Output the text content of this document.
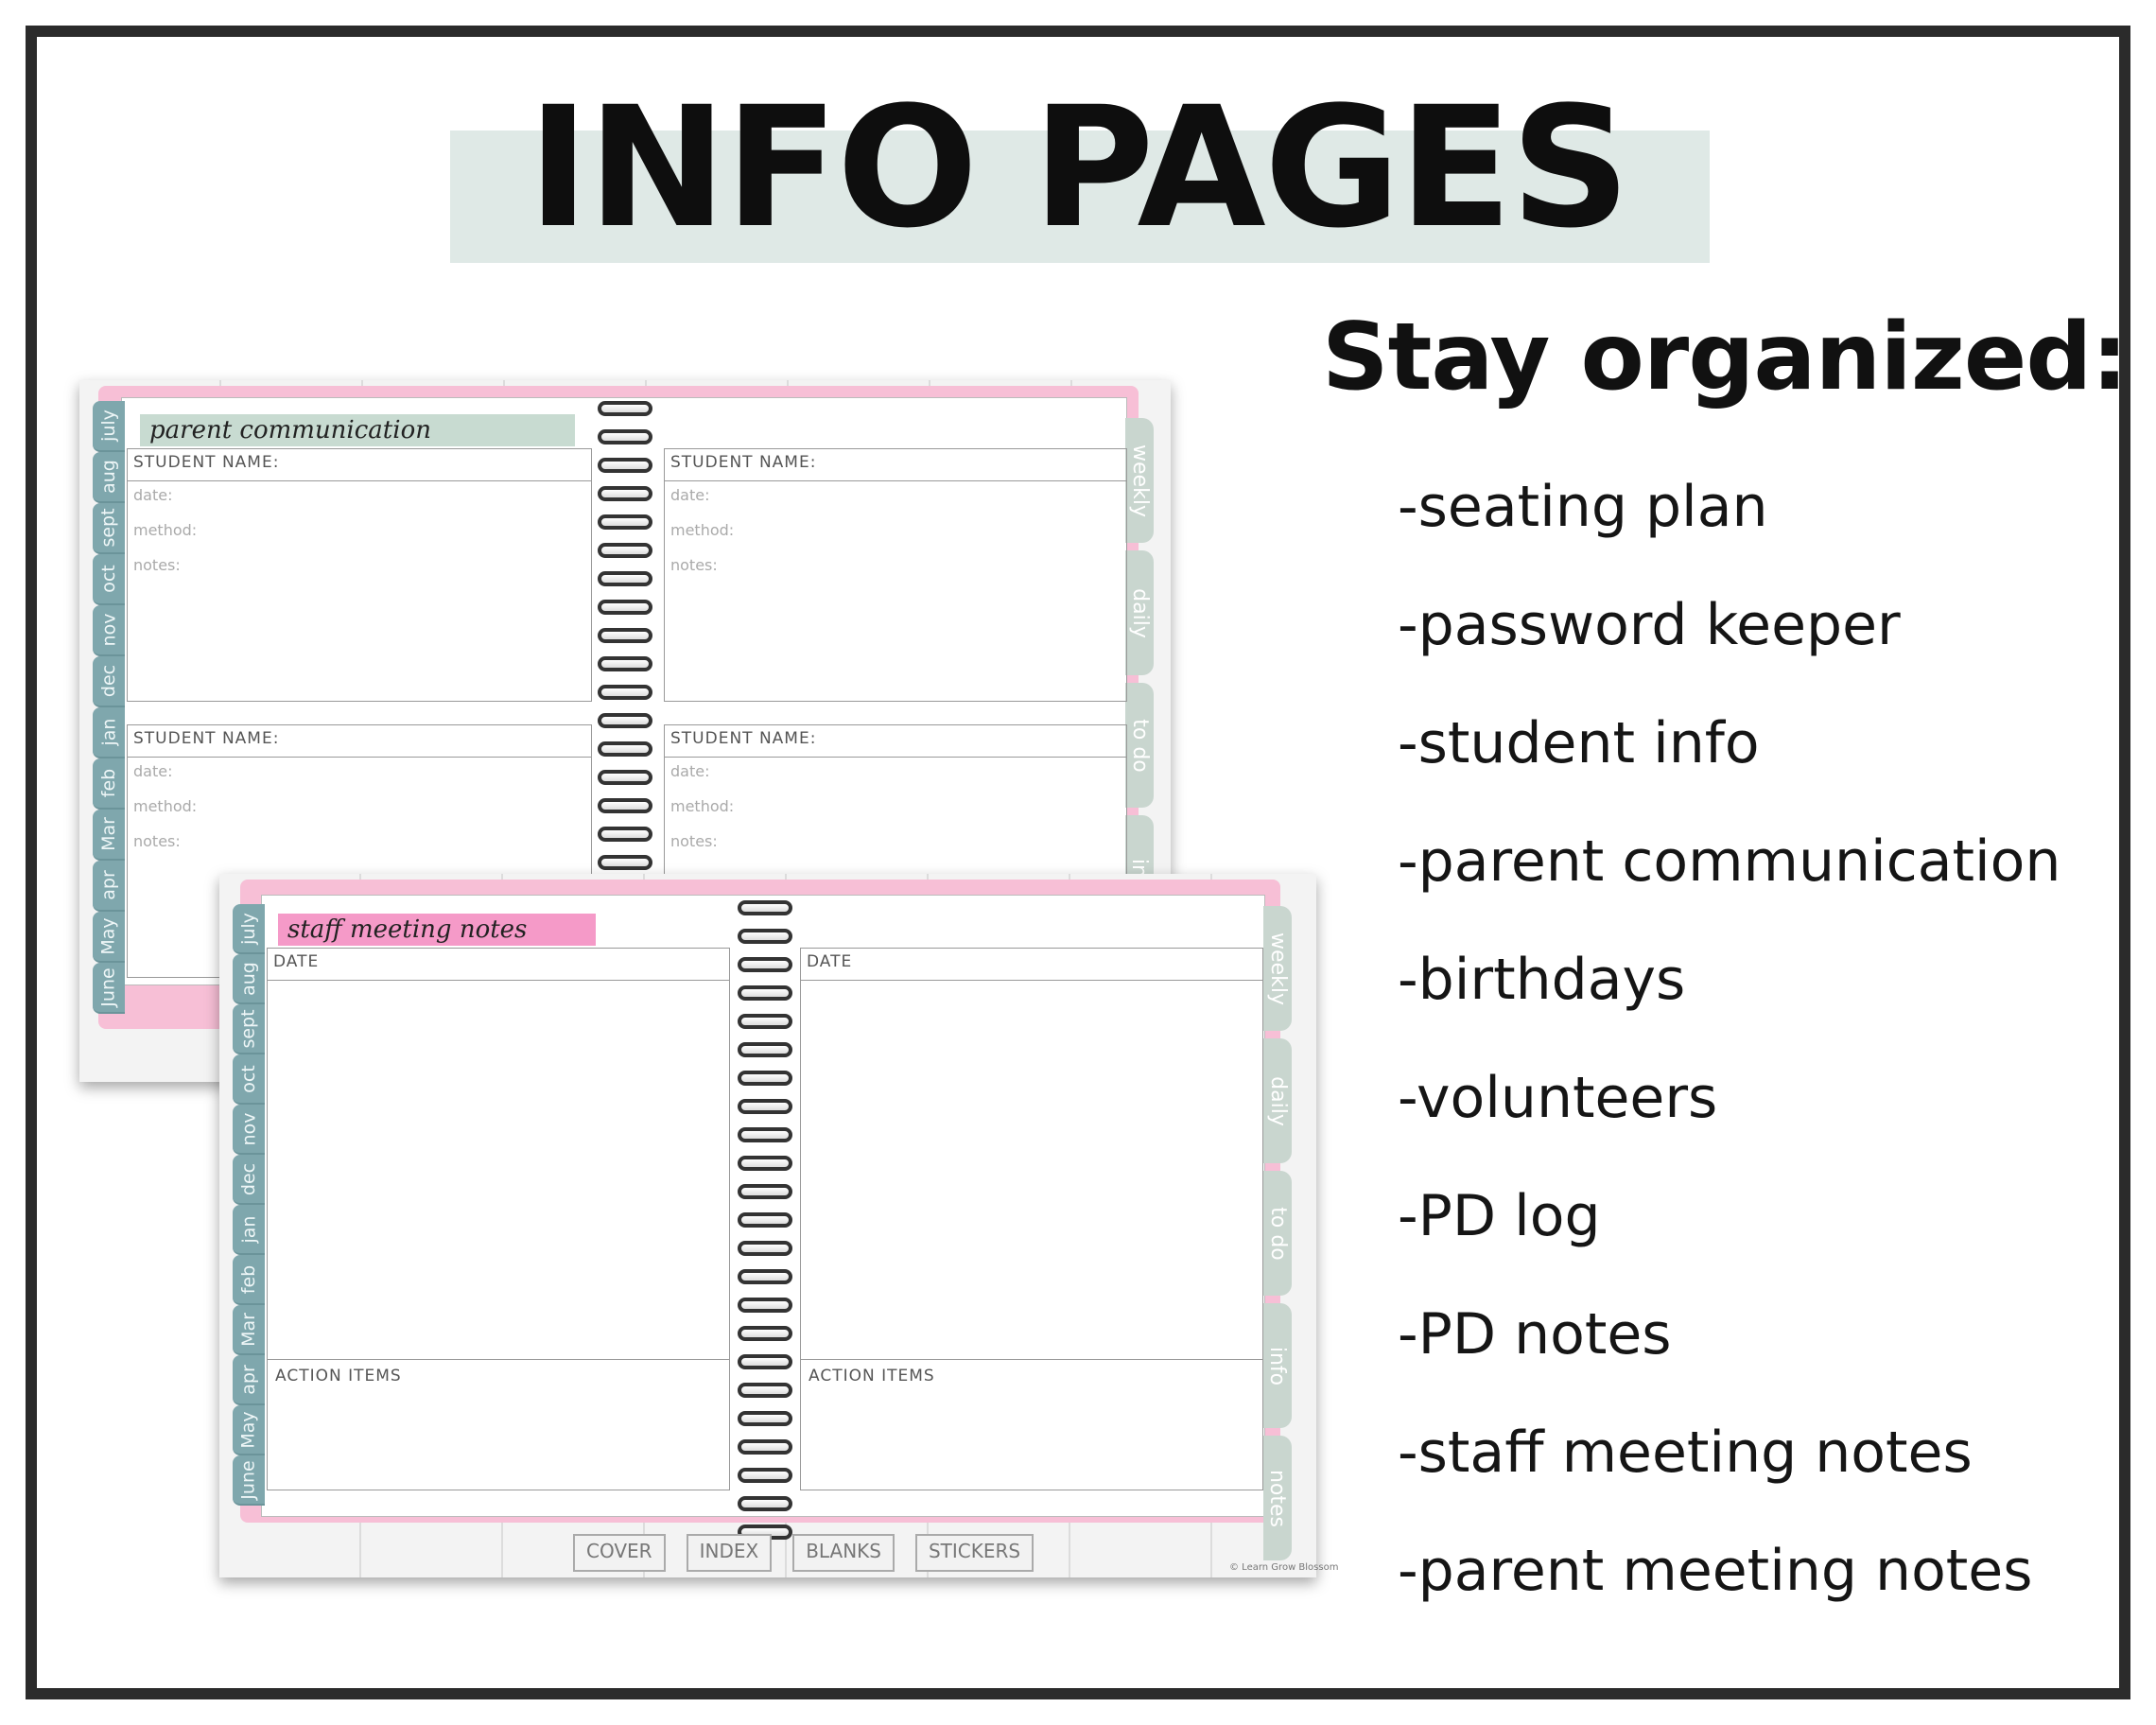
INFO PAGES
july
aug
sept
oct
nov
dec
jan
feb
Mar
apr
May
June
weekly
daily
to do
parent communication
STUDENT NAME:
date:
method:
notes:
STUDENT NAME:
date:
method:
notes:
STUDENT NAME:
date:
method:
notes:
STUDENT NAME:
date:
method:
notes:
july
aug
sept
oct
nov
dec
jan
feb
Mar
apr
May
June
weekly
daily
to do
info
notes
staff meeting notes
DATE
ACTION ITEMS
DATE
ACTION ITEMS
COVER	INDEX	BLANKS	STICKERS
© Learn Grow Blossom
Stay organized:
-seating plan
-password keeper
-student info
-parent communication
-birthdays
-volunteers
-PD log
-PD notes
-staff meeting notes
-parent meeting notes
